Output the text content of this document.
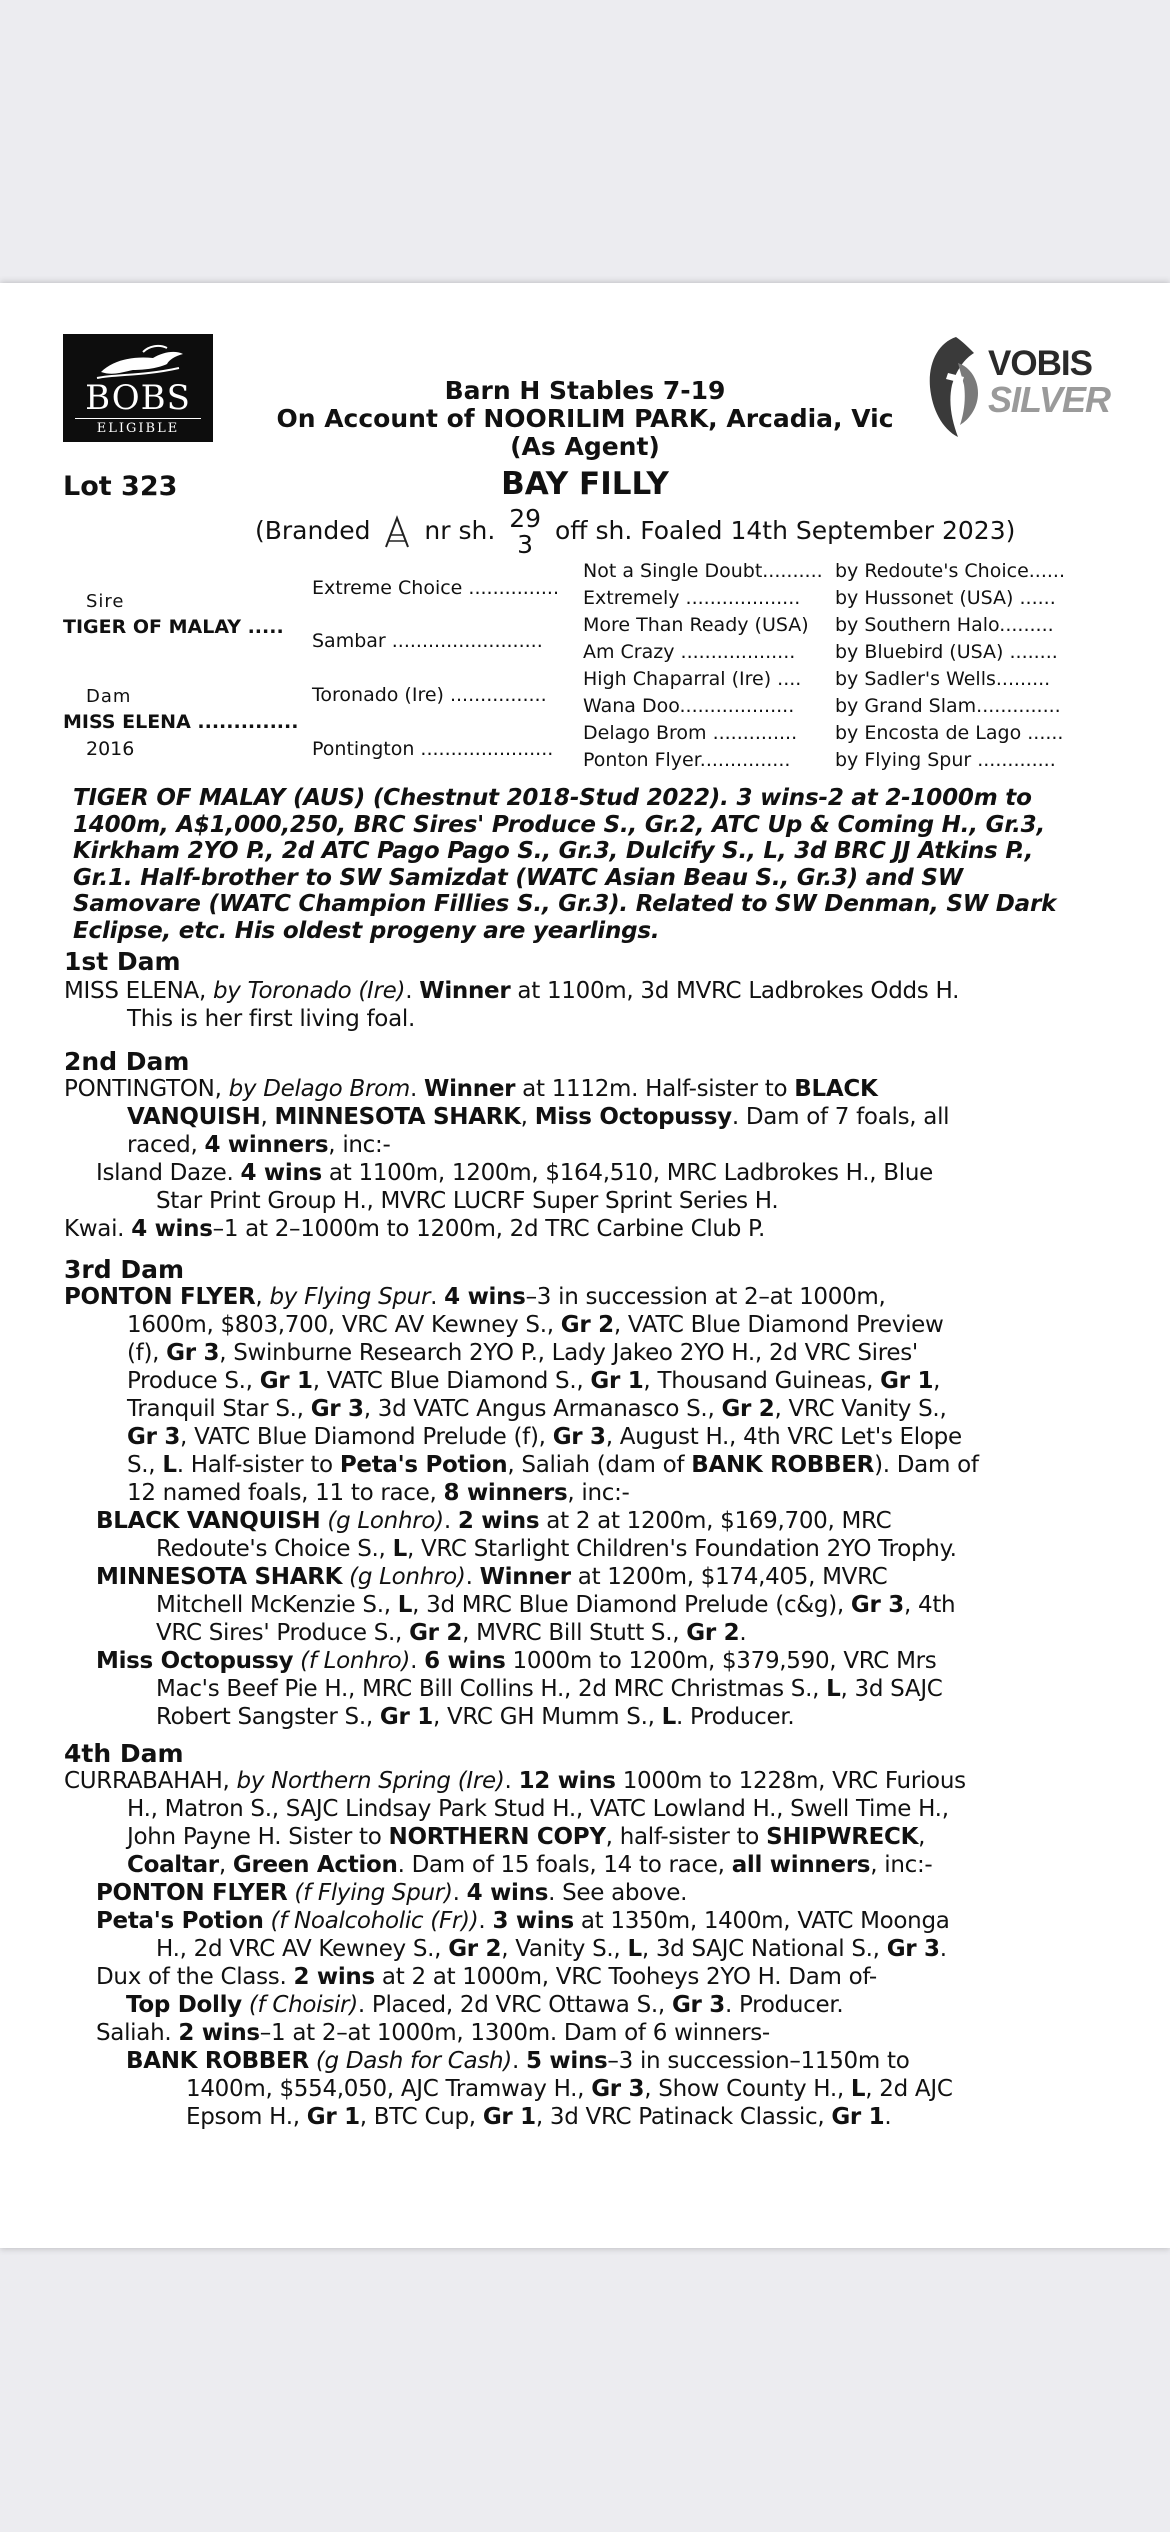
BOBS
ELIGIBLE
VOBIS
SILVER
Barn H Stables 7-19
On Account of NOORILIM PARK, Arcadia, Vic
(As Agent)
Lot 323	BAY FILLY
(Branded nr sh. 29
3 off sh. Foaled 14th September 2023)
Sire
TIGER OF MALAY .....
Dam
MISS ELENA ..............
2016
Extreme Choice ...............
Sambar .........................
Toronado (Ire) ................
Pontington ......................
Not a Single Doubt..........
Extremely ...................
More Than Ready (USA)
Am Crazy ...................
High Chaparral (Ire) ....
Wana Doo...................
Delago Brom ..............
Ponton Flyer...............
by Redoute's Choice......
by Hussonet (USA) ......
by Southern Halo.........
by Bluebird (USA) ........
by Sadler's Wells.........
by Grand Slam..............
by Encosta de Lago ......
by Flying Spur .............
TIGER OF MALAY (AUS) (Chestnut 2018-Stud 2022). 3 wins-2 at 2-1000m to
1400m, A$1,000,250, BRC Sires' Produce S., Gr.2, ATC Up & Coming H., Gr.3,
Kirkham 2YO P., 2d ATC Pago Pago S., Gr.3, Dulcify S., L, 3d BRC JJ Atkins P.,
Gr.1. Half-brother to SW Samizdat (WATC Asian Beau S., Gr.3) and SW
Samovare (WATC Champion Fillies S., Gr.3). Related to SW Denman, SW Dark
Eclipse, etc. His oldest progeny are yearlings.
1st Dam
MISS ELENA, by Toronado (Ire). Winner at 1100m, 3d MVRC Ladbrokes Odds H.
This is her first living foal.
2nd Dam
PONTINGTON, by Delago Brom. Winner at 1112m. Half-sister to BLACK
VANQUISH, MINNESOTA SHARK, Miss Octopussy. Dam of 7 foals, all
raced, 4 winners, inc:-
Island Daze. 4 wins at 1100m, 1200m, $164,510, MRC Ladbrokes H., Blue
Star Print Group H., MVRC LUCRF Super Sprint Series H.
Kwai. 4 wins–1 at 2–1000m to 1200m, 2d TRC Carbine Club P.
3rd Dam
PONTON FLYER, by Flying Spur. 4 wins–3 in succession at 2–at 1000m,
1600m, $803,700, VRC AV Kewney S., Gr 2, VATC Blue Diamond Preview
(f), Gr 3, Swinburne Research 2YO P., Lady Jakeo 2YO H., 2d VRC Sires'
Produce S., Gr 1, VATC Blue Diamond S., Gr 1, Thousand Guineas, Gr 1,
Tranquil Star S., Gr 3, 3d VATC Angus Armanasco S., Gr 2, VRC Vanity S.,
Gr 3, VATC Blue Diamond Prelude (f), Gr 3, August H., 4th VRC Let's Elope
S., L. Half-sister to Peta's Potion, Saliah (dam of BANK ROBBER). Dam of
12 named foals, 11 to race, 8 winners, inc:-
BLACK VANQUISH (g Lonhro). 2 wins at 2 at 1200m, $169,700, MRC
Redoute's Choice S., L, VRC Starlight Children's Foundation 2YO Trophy.
MINNESOTA SHARK (g Lonhro). Winner at 1200m, $174,405, MVRC
Mitchell McKenzie S., L, 3d MRC Blue Diamond Prelude (c&g), Gr 3, 4th
VRC Sires' Produce S., Gr 2, MVRC Bill Stutt S., Gr 2.
Miss Octopussy (f Lonhro). 6 wins 1000m to 1200m, $379,590, VRC Mrs
Mac's Beef Pie H., MRC Bill Collins H., 2d MRC Christmas S., L, 3d SAJC
Robert Sangster S., Gr 1, VRC GH Mumm S., L. Producer.
4th Dam
CURRABAHAH, by Northern Spring (Ire). 12 wins 1000m to 1228m, VRC Furious
H., Matron S., SAJC Lindsay Park Stud H., VATC Lowland H., Swell Time H.,
John Payne H. Sister to NORTHERN COPY, half-sister to SHIPWRECK,
Coaltar, Green Action. Dam of 15 foals, 14 to race, all winners, inc:-
PONTON FLYER (f Flying Spur). 4 wins. See above.
Peta's Potion (f Noalcoholic (Fr)). 3 wins at 1350m, 1400m, VATC Moonga
H., 2d VRC AV Kewney S., Gr 2, Vanity S., L, 3d SAJC National S., Gr 3.
Dux of the Class. 2 wins at 2 at 1000m, VRC Tooheys 2YO H. Dam of-
Top Dolly (f Choisir). Placed, 2d VRC Ottawa S., Gr 3. Producer.
Saliah. 2 wins–1 at 2–at 1000m, 1300m. Dam of 6 winners-
BANK ROBBER (g Dash for Cash). 5 wins–3 in succession–1150m to
1400m, $554,050, AJC Tramway H., Gr 3, Show County H., L, 2d AJC
Epsom H., Gr 1, BTC Cup, Gr 1, 3d VRC Patinack Classic, Gr 1.
